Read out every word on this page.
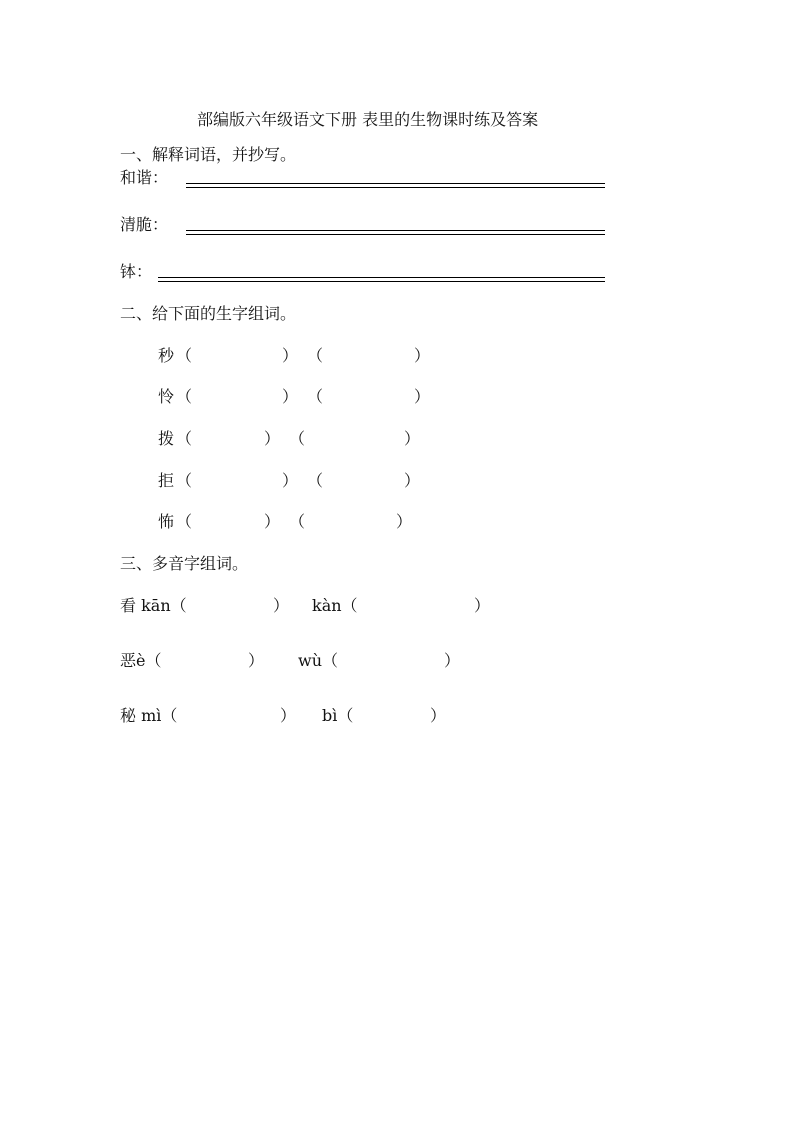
部编版六年级语文下册 表里的生物课时练及答案
一、解释词语，并抄写。
和谐：
清脆：
钵：
二、给下面的生字组词。
秒 （	） （	）
怜 （	） （	）
拨 （	） （	）
拒 （	） （	）
怖 （	） （	）
三、多音字组词。
看 kān（	） kàn（	）
恶è（	） wù（	）
秘 mì（	） bì（	）
